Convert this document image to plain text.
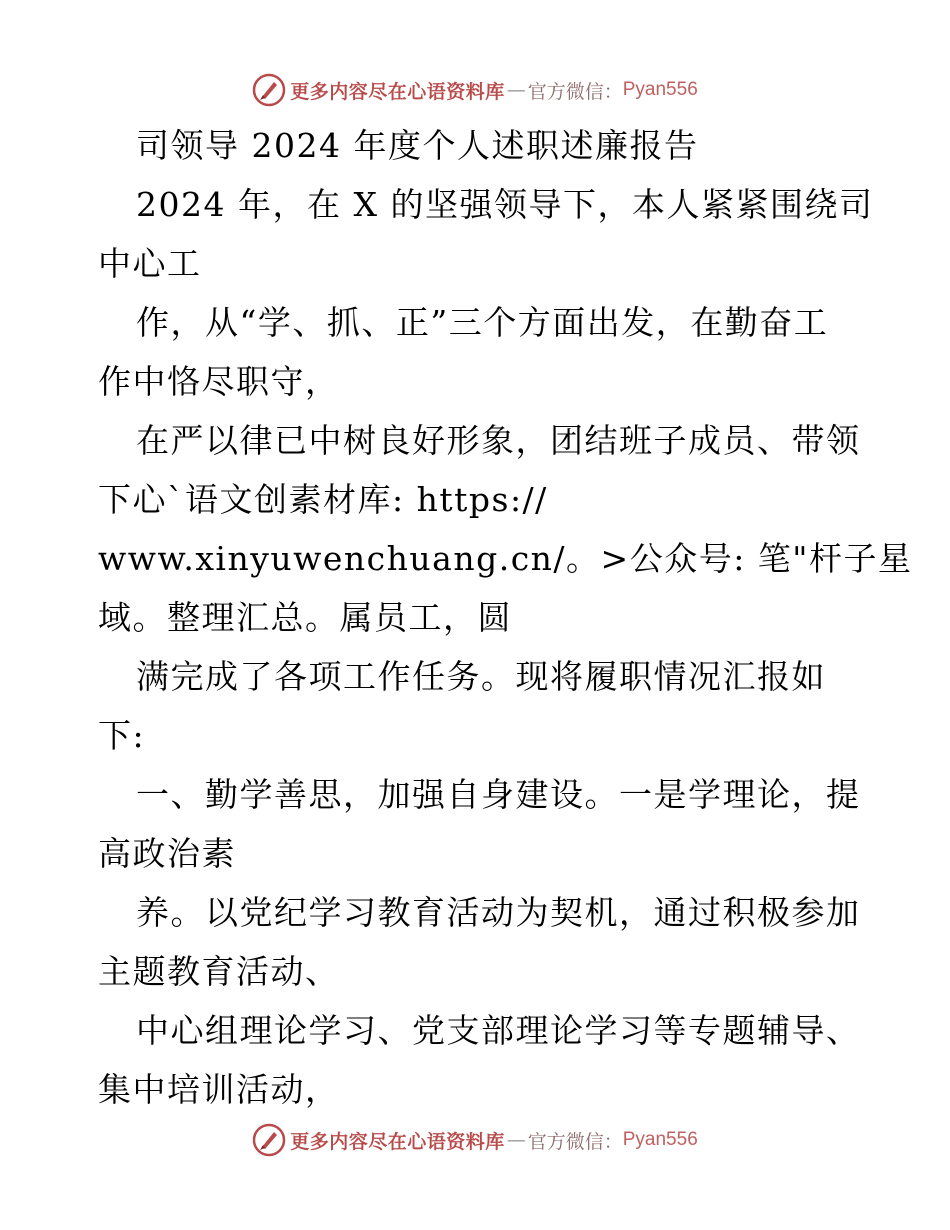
更多内容尽在心语资料库 — 官方微信： Pyan556
司领导 2024 年度个人述职述廉报告
2024 年，在 X 的坚强领导下，本人紧紧围绕司
中心工
作，从“学、抓、正”三个方面出发，在勤奋工
作中恪尽职守，
在严以律已中树良好形象，团结班子成员、带领
下心`语文创素材库: https://
www.xinyuwenchuang.cn/。>公众号: 笔"杆子星
域。整理汇总。属员工，圆
满完成了各项工作任务。现将履职情况汇报如
下:
一、勤学善思，加强自身建设。一是学理论，提
高政治素
养。以党纪学习教育活动为契机，通过积极参加
主题教育活动、
中心组理论学习、党支部理论学习等专题辅导、
集中培训活动，
更多内容尽在心语资料库 — 官方微信： Pyan556
